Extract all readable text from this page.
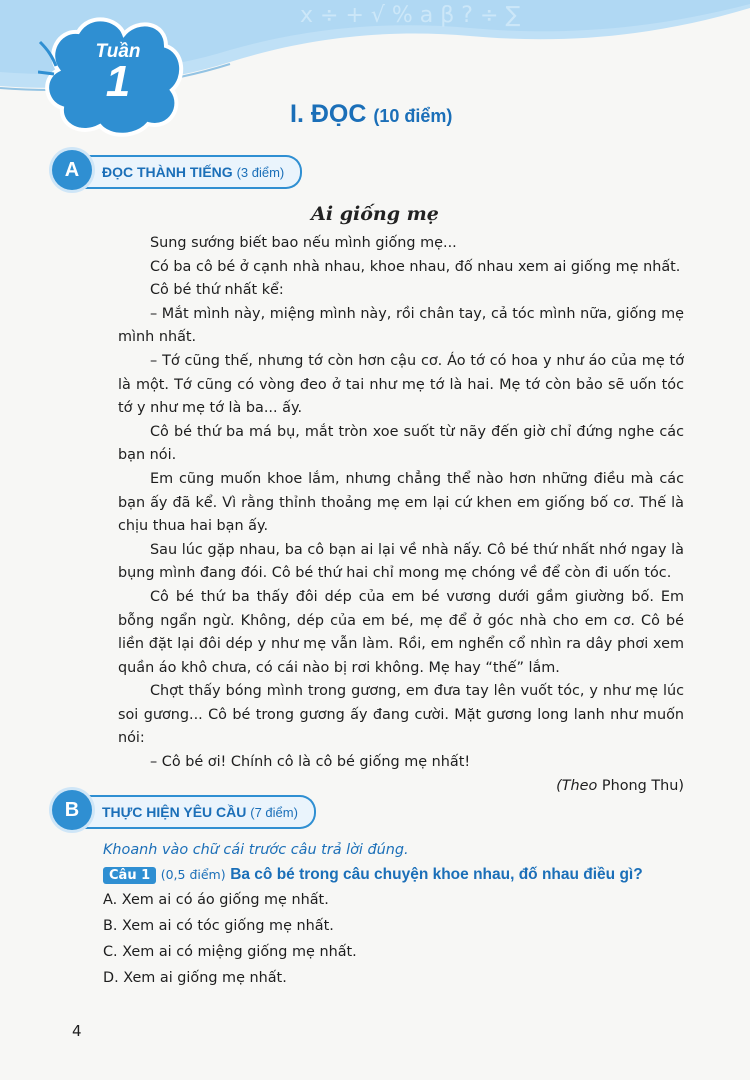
x ÷ + √ % a β ? ÷ ∑
Tuần
1
I. ĐỌC (10 điểm)
A	ĐỌC THÀNH TIẾNG (3 điểm)
Ai giống mẹ

Sung sướng biết bao nếu mình giống mẹ...

Có ba cô bé ở cạnh nhà nhau, khoe nhau, đố nhau xem ai giống mẹ nhất.

Cô bé thứ nhất kể:

– Mắt mình này, miệng mình này, rồi chân tay, cả tóc mình nữa, giống mẹ mình nhất.

– Tớ cũng thế, nhưng tớ còn hơn cậu cơ. Áo tớ có hoa y như áo của mẹ tớ là một. Tớ cũng có vòng đeo ở tai như mẹ tớ là hai. Mẹ tớ còn bảo sẽ uốn tóc tớ y như mẹ tớ là ba... ấy.

Cô bé thứ ba má bụ, mắt tròn xoe suốt từ nãy đến giờ chỉ đứng nghe các bạn nói.

Em cũng muốn khoe lắm, nhưng chẳng thể nào hơn những điều mà các bạn ấy đã kể. Vì rằng thỉnh thoảng mẹ em lại cứ khen em giống bố cơ. Thế là chịu thua hai bạn ấy.

Sau lúc gặp nhau, ba cô bạn ai lại về nhà nấy. Cô bé thứ nhất nhớ ngay là bụng mình đang đói. Cô bé thứ hai chỉ mong mẹ chóng về để còn đi uốn tóc.

Cô bé thứ ba thấy đôi dép của em bé vương dưới gầm giường bố. Em bỗng ngẩn ngừ. Không, dép của em bé, mẹ để ở góc nhà cho em cơ. Cô bé liền đặt lại đôi dép y như mẹ vẫn làm. Rồi, em nghển cổ nhìn ra dây phơi xem quần áo khô chưa, có cái nào bị rơi không. Mẹ hay “thế” lắm.

Chợt thấy bóng mình trong gương, em đưa tay lên vuốt tóc, y như mẹ lúc soi gương... Cô bé trong gương ấy đang cười. Mặt gương long lanh như muốn nói:

– Cô bé ơi! Chính cô là cô bé giống mẹ nhất!

(Theo Phong Thu)

B	THỰC HIỆN YÊU CẦU (7 điểm)

Khoanh vào chữ cái trước câu trả lời đúng.

Câu 1 (0,5 điểm) Ba cô bé trong câu chuyện khoe nhau, đố nhau điều gì?

A. Xem ai có áo giống mẹ nhất.
B. Xem ai có tóc giống mẹ nhất.
C. Xem ai có miệng giống mẹ nhất.
D. Xem ai giống mẹ nhất.
4
